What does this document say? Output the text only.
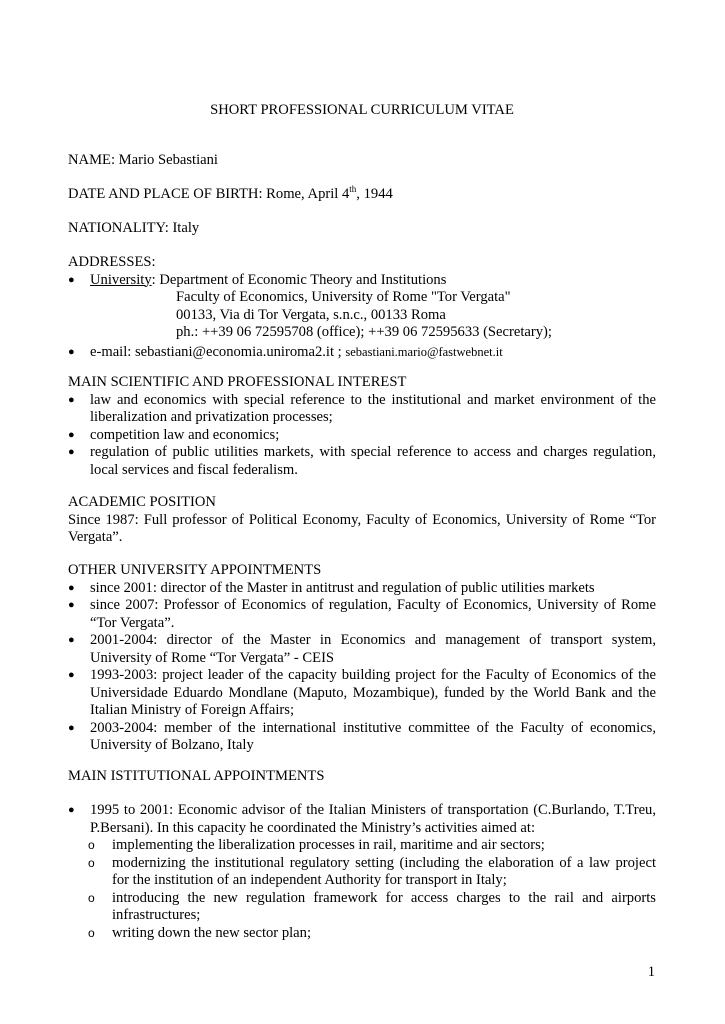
SHORT PROFESSIONAL CURRICULUM VITAE
NAME: Mario Sebastiani
DATE AND PLACE OF BIRTH: Rome, April 4th, 1944
NATIONALITY: Italy
ADDRESSES:
● University: Department of Economic Theory and Institutions
Faculty of Economics, University of Rome "Tor Vergata"
00133, Via di Tor Vergata, s.n.c., 00133 Roma
ph.: ++39 06 72595708 (office); ++39 06 72595633 (Secretary);
● e-mail: sebastiani@economia.uniroma2.it ; sebastiani.mario@fastwebnet.it
MAIN SCIENTIFIC AND PROFESSIONAL INTEREST
● law and economics with special reference to the institutional and market environment of the liberalization and privatization processes;
● competition law and economics;
● regulation of public utilities markets, with special reference to access and charges regulation, local services and fiscal federalism.
ACADEMIC POSITION
Since 1987: Full professor of Political Economy, Faculty of Economics, University of Rome “Tor Vergata”.
OTHER UNIVERSITY APPOINTMENTS
● since 2001: director of the Master in antitrust and regulation of public utilities markets
● since 2007: Professor of Economics of regulation, Faculty of Economics, University of Rome “Tor Vergata”.
● 2001-2004: director of the Master in Economics and management of transport system, University of Rome “Tor Vergata” - CEIS
● 1993-2003: project leader of the capacity building project for the Faculty of Economics of the Universidade Eduardo Mondlane (Maputo, Mozambique), funded by the World Bank and the Italian Ministry of Foreign Affairs;
● 2003-2004: member of the international institutive committee of the Faculty of economics, University of Bolzano, Italy
MAIN ISTITUTIONAL APPOINTMENTS
● 1995 to 2001: Economic advisor of the Italian Ministers of transportation (C.Burlando, T.Treu, P.Bersani). In this capacity he coordinated the Ministry’s activities aimed at:
o implementing the liberalization processes in rail, maritime and air sectors;
o modernizing the institutional regulatory setting (including the elaboration of a law project for the institution of an independent Authority for transport in Italy;
o introducing the new regulation framework for access charges to the rail and airports infrastructures;
o writing down the new sector plan;
1
